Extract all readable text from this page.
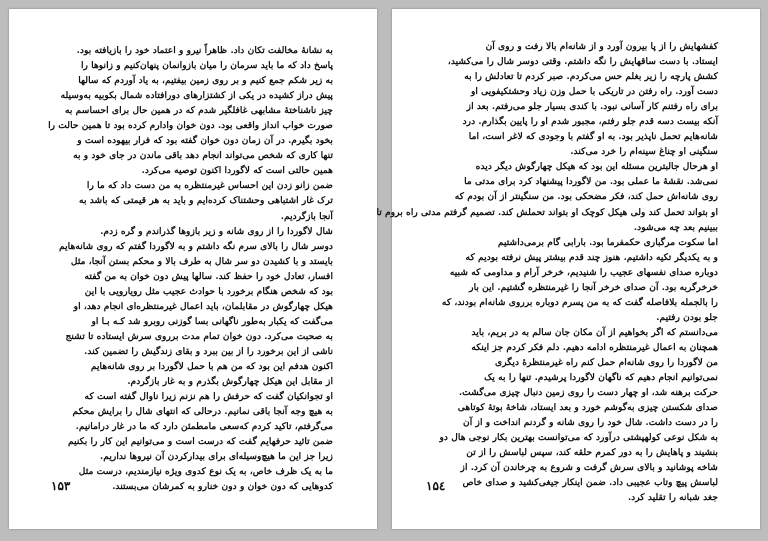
به نشانهٔ مخالفت تکان داد. ظاهراً نیرو و اعتماد خود را بازیافته بود.

پاسخ داد که ما باید سرمان را میان بازوانمان پنهان‌کنیم و زانوها را

به زیر شکم جمع کنیم و بر روی زمین بیفتیم، به یاد آوردم که سالها

پیش دراز کشیده در یکی از کشتزارهای دورافتاده شمال بکوبیه به‌وسیله

چیز ناشناختهٔ مشابهی غافلگیر شدم که در همین حال برای احساسم به

صورت خواب انداز واقعی بود. دون خوان وادارم کرده بود تا همین حالت را

بخود بگیرم. در آن زمان دون خوان گفته بود که فرار بیهوده است و

تنها کاری که شخص می‌تواند انجام دهد باقی ماندن در جای خود و به

همین حالتی است که لاگوردا اکنون توصیه می‌کرد.

ضمن زانو زدن این احساس غیرمنتظره به من دست داد که ما را

ترک غار اشتباهی وحشتناک کرده‌ایم و باید به هر قیمتی که باشد به

آنجا بازگردیم.

شال لاگوردا را از روی شانه و زیر بازوها گذراندم و گره زدم.

دوسر شال را بالای سرم نگه داشتم و به لاگوردا گفتم که روی شانه‌هایم

بایستد و با کشیدن دو سر شال به طرف بالا و محکم بستن آنجا، مثل

افسار، تعادل خود را حفظ کند. سالها پیش دون خوان به من گفته

بود که شخص هنگام برخورد با حوادث عجیب مثل رویارویی با این

هیکل چهارگوش در مقابلمان، باید اعمال غیرمنتظره‌ای انجام دهد، او

می‌گفت که یکبار به‌طور ناگهانی بسا گوزنی روبرو شد کـه بـا او

به صحبت می‌کرد. دون خوان تمام مدت برروی سرش ایستاده تا تشنج

ناشی از این برخورد را از بین ببرد و بقای زندگیش را تضمین کند.

اکنون هدفم این بود که من هم با حمل لاگوردا بر روی شانه‌هایم

از مقابل این هیکل چهارگوش بگذرم و به غار بازگردم.

او تجوانکیان گفت که حرفش را هم نزنم زیرا ناوال گفته است که

به هیچ وجه آنجا باقی نمانیم. درحالی که انتهای شال را برایش محکم

می‌گرفتم، تاکید کردم که‌سعی مامطمئن دارد که ما در غار درامانیم.

ضمن تائید حرفهایم گفت که درست است و می‌توانیم این کار را بکنیم

زیرا جز این ما هیچ‌وسیله‌ای برای بیدارکردن آن نیروها نداریم.

ما به یک ظرف خاص، به یک نوع کدوی ویژه نیازمندیم، درست مثل

کدوهایی که دون خوان و دون خنارو به کمرشان می‌بستند.

۱۵۳

کفشهایش را از پا بیرون آورد و از شانه‌ام بالا رفت و روی آن

ایستاد. با دست ساقهایش را نگه داشتم. وقتی دوسر شال را می‌کشید،

کشش پارچه را زیر بغلم حس می‌کردم. صبر کردم تا تعادلش را به

دست آورد. راه رفتن در تاریکی با حمل وزن زیاد وحشتکیفویی او

برای راه رفتنم کار آسانی نبود. با کندی بسیار جلو می‌رفتم. بعد از

آنکه بیست دسه قدم جلو رفتم، مجبور شدم او را پایین بگذارم. درد

شانه‌هایم تحمل ناپذیر بود. به او گفتم با وجودی که لاغر است، اما

سنگینی او چناغ سینه‌ام را خرد می‌کند.

او هرحال جالبترین مسئله این بود که هیکل چهارگوش دیگر دیده

نمی‌شد. نقشهٔ ما عملی بود. من لاگوردا پیشنهاد کرد برای مدتی ما

روی شانه‌اش حمل کند، فکر مضحکی بود. من سنگینتر از آن بودم که

او بتواند تحمل کند ولی هیکل کوچک او بتواند تحملش کند. تصمیم گرفتم مدتی راه بروم تا

ببینیم بعد چه می‌شود.

اما سکوت مرگباری حکمفرما بود. بارابی گام برمی‌داشتیم

و به یکدیگر تکیه داشتیم. هنوز چند قدم بیشتر پیش نرفته بودیم که

دوباره صدای نفسهای عجیب را شنیدیم، خرخر آرام و مداومی که شبیه

خرخرگربه بود. آن صدای خرخر آنجا را غیرمنتظره گشتیم. این بار

را بالجمله بلافاصله گفت که به من پسرم دوباره برروی شانه‌ام بودند، که

جلو بودن رفتیم.

می‌دانستم که اگر بخواهیم از آن مکان جان سالم به در بریم، باید

همچنان به اعمال غیرمنتظره ادامه دهیم. دلم فکر کردم جز اینکه

من لاگوردا را روی شانه‌ام حمل کنم راه غیرمنتظرهٔ دیگری

نمی‌توانیم انجام دهیم که ناگهان لاگوردا پرشیدم. تنها را به یک

حرکت برهنه شد، او چهار دست را روی زمین دنبال چیزی می‌گشت.

صدای شکستن چیزی به‌گوشم خورد و بعد ایستاد، شاخهٔ بوتهٔ کوتاهی

را در دست داشت. شال خود را روی شانه و گردنم انداخت و از آن

به شکل نوعی کولهپشتی درآورد که می‌توانست بهترین بکار نوجی هال دو

بنشیند و پاهایش را به دور کمرم حلقه کند، سپس لباسش را از تن

شاخه پوشانید و بالای سرش گرفت و شروع به چرخاندن آن کرد. از

لباسش پیچ وتاب عجیبی داد. ضمن اینکار جیغی‌کشید و صدای خاص

جغد شبانه را تقلید کرد.

۱۵٤
